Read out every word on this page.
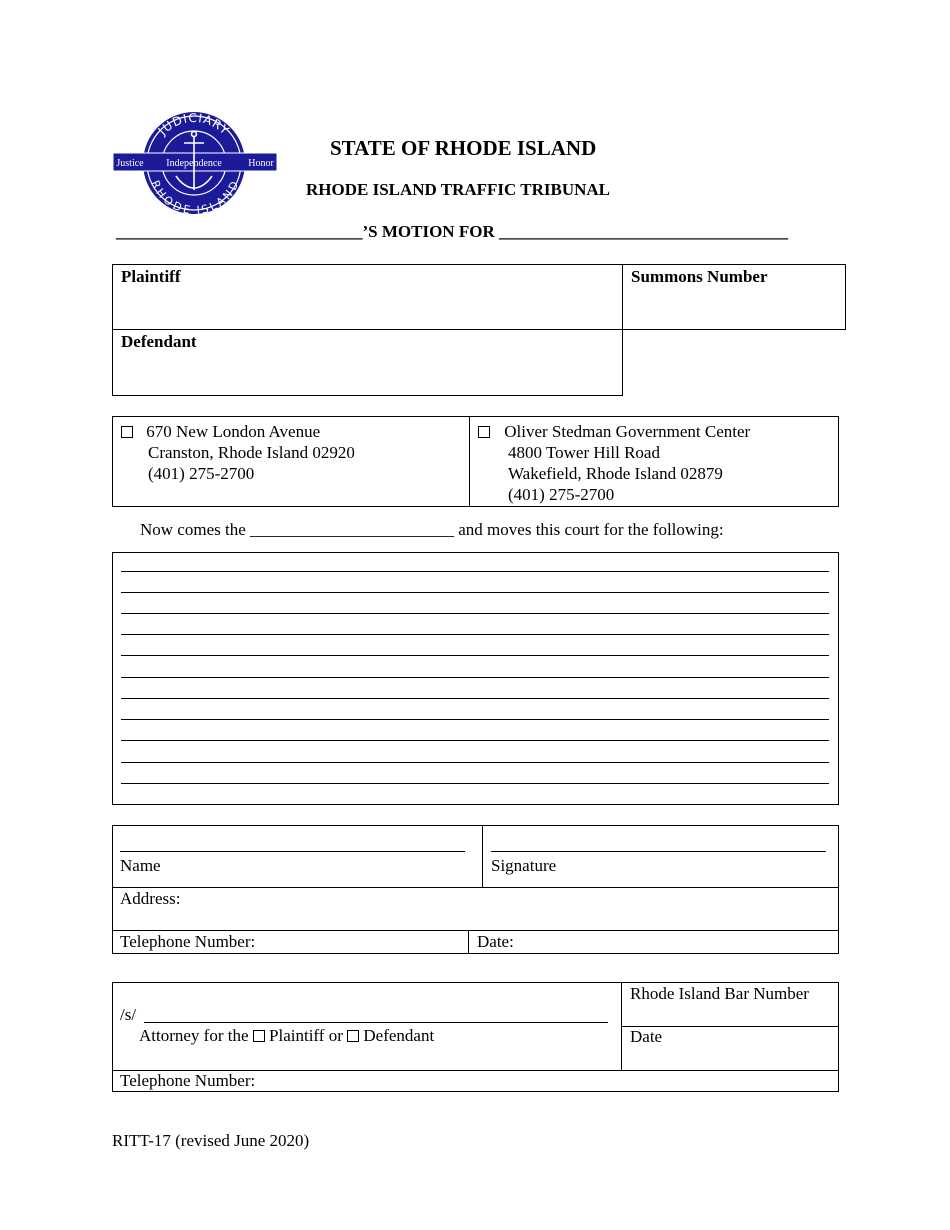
JUDICIARY
RHODE ISLAND
Justice Independence	Honor
STATE OF RHODE ISLAND
RHODE ISLAND TRAFFIC TRIBUNAL
_____________________________’S MOTION FOR __________________________________
Plaintiff	Summons Number
Defendant
670 New London Avenue
Cranston, Rhode Island 02920
(401) 275-2700
Oliver Stedman Government Center
4800 Tower Hill Road
Wakefield, Rhode Island 02879
(401) 275-2700
Now comes the ________________________ and moves this court for the following:
Name	Signature
Address:
Telephone Number:	Date:
/s/
Attorney for the Plaintiff or Defendant
Rhode Island Bar Number
Date
Telephone Number:
RITT-17 (revised June 2020)
